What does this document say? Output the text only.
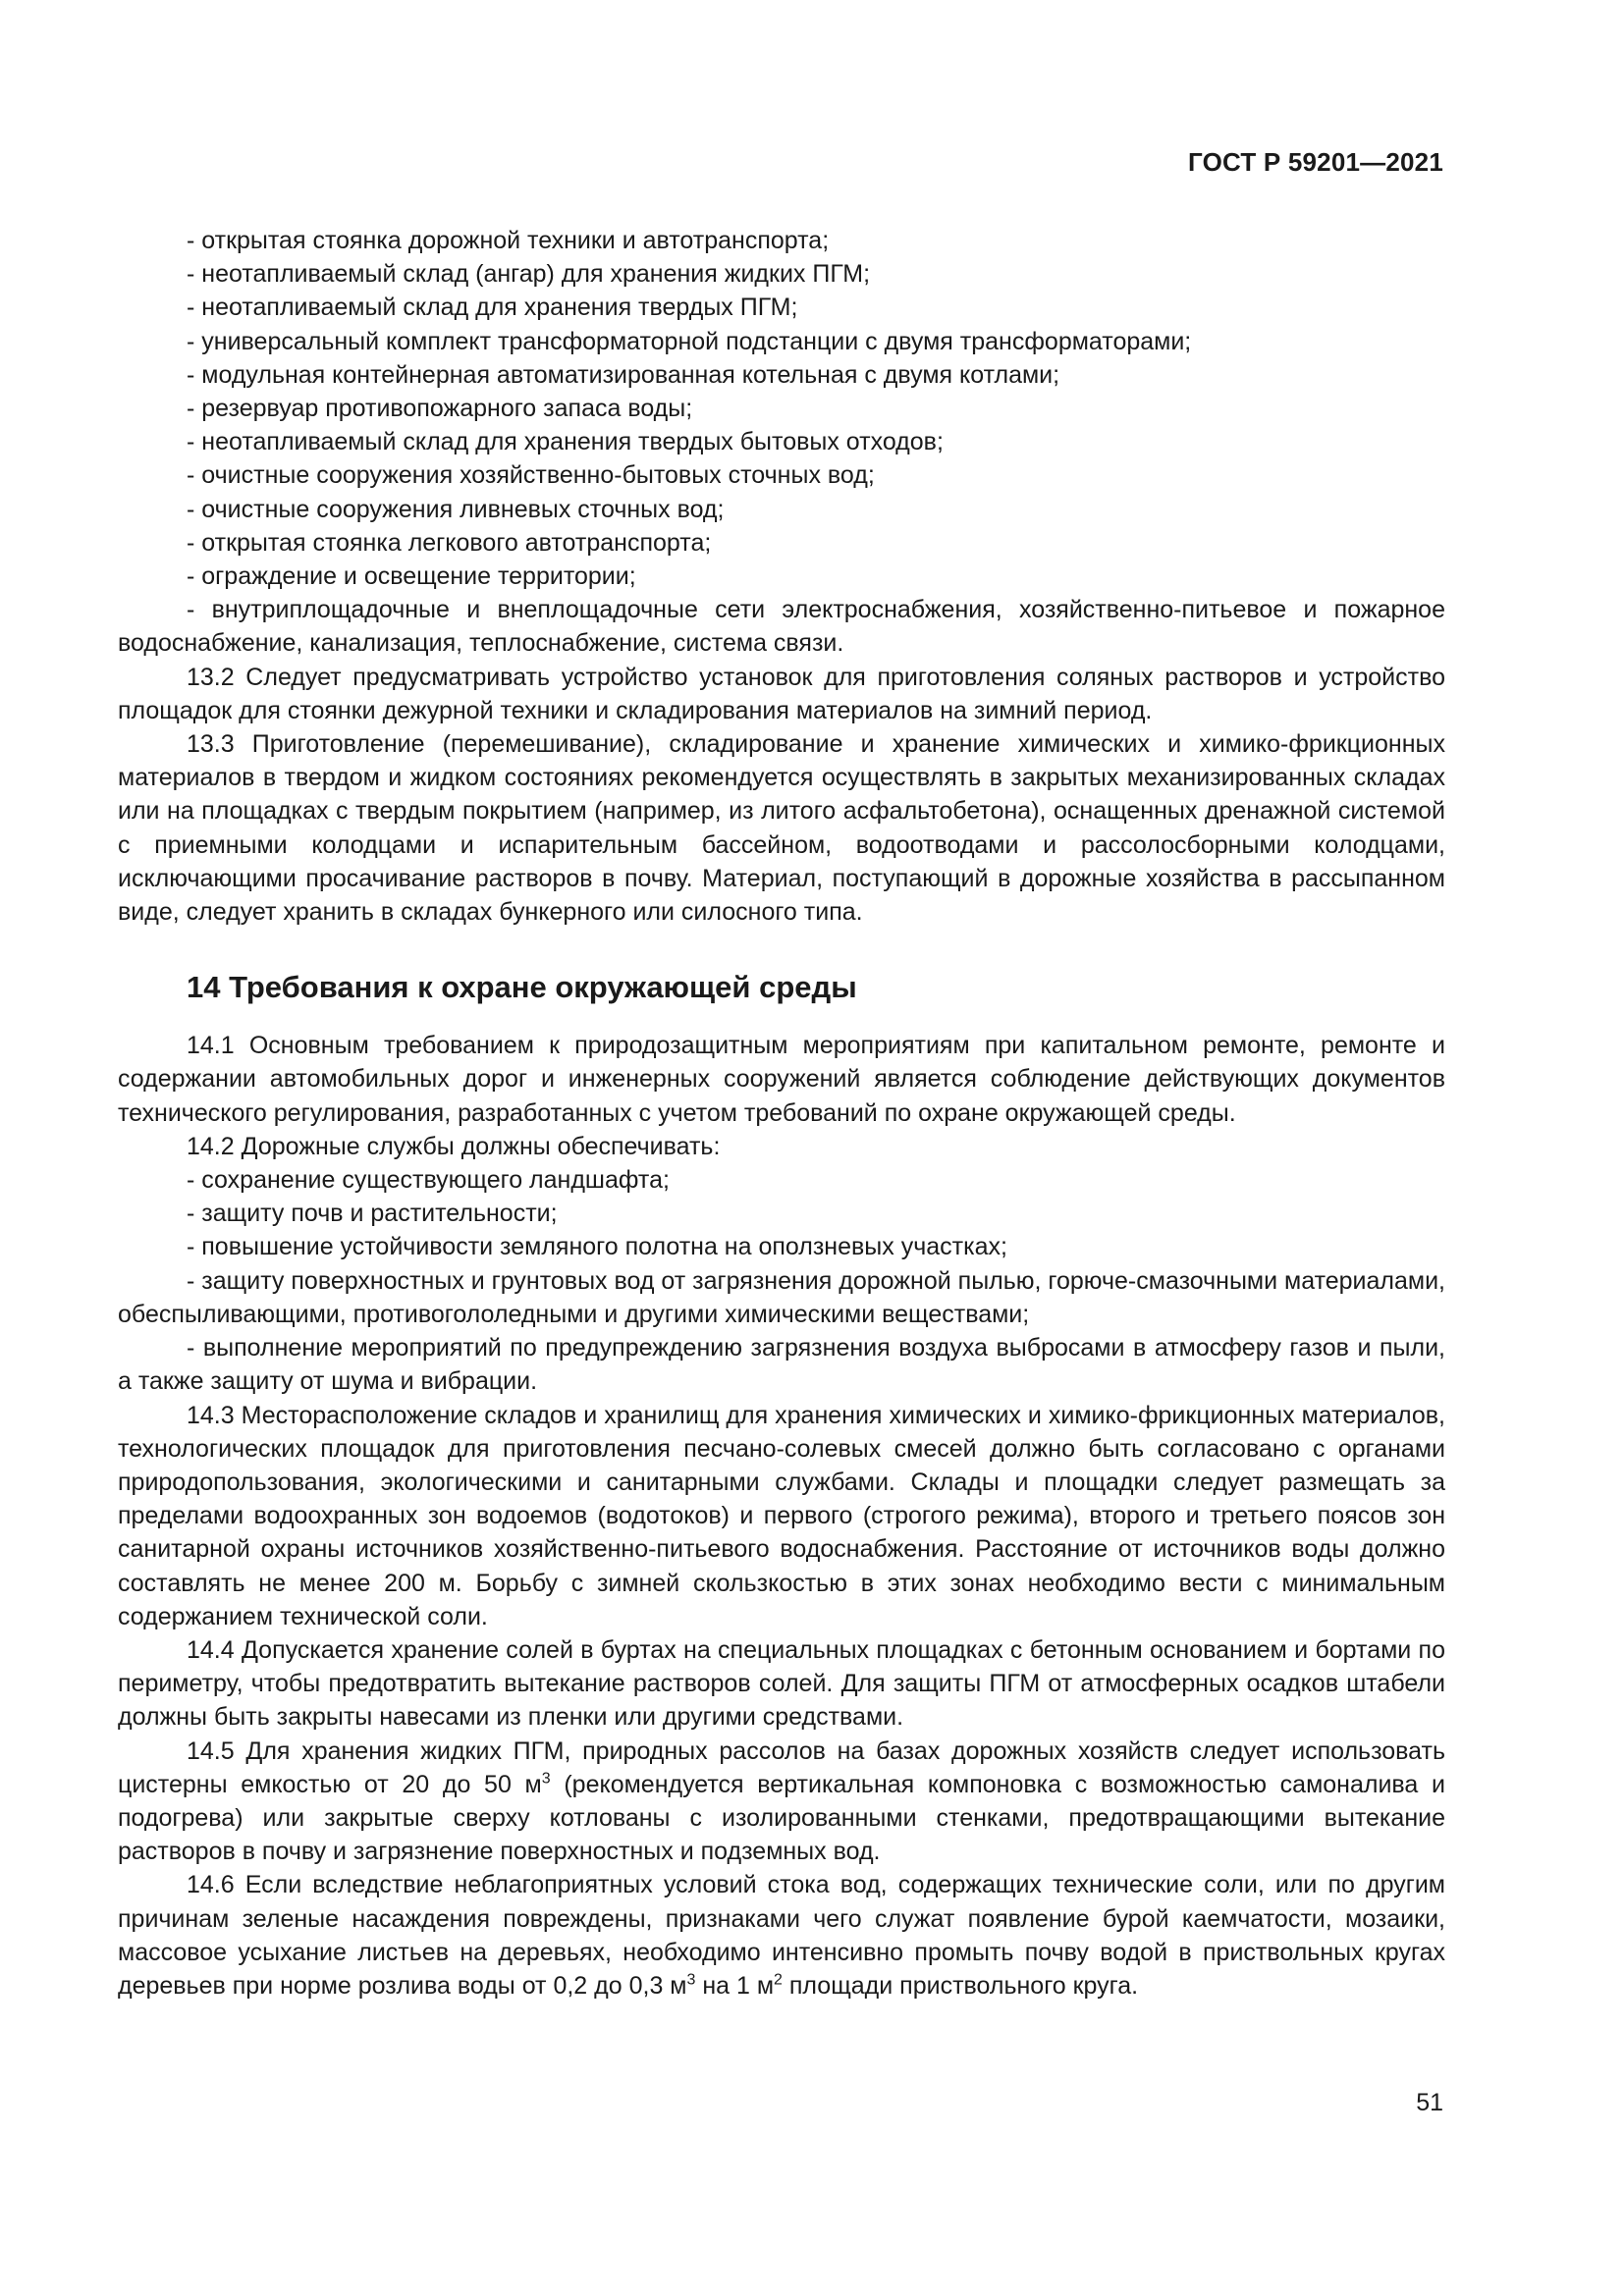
ГОСТ Р 59201—2021

- открытая стоянка дорожной техники и автотранспорта;

- неотапливаемый склад (ангар) для хранения жидких ПГМ;

- неотапливаемый склад для хранения твердых ПГМ;

- универсальный комплект трансформаторной подстанции с двумя трансформаторами;

- модульная контейнерная автоматизированная котельная с двумя котлами;

- резервуар противопожарного запаса воды;

- неотапливаемый склад для хранения твердых бытовых отходов;

- очистные сооружения хозяйственно-бытовых сточных вод;

- очистные сооружения ливневых сточных вод;

- открытая стоянка легкового автотранспорта;

- ограждение и освещение территории;

- внутриплощадочные и внеплощадочные сети электроснабжения, хозяйственно-питьевое и пожарное водоснабжение, канализация, теплоснабжение, система связи.

13.2 Следует предусматривать устройство установок для приготовления соляных растворов и устройство площадок для стоянки дежурной техники и складирования материалов на зимний период.

13.3 Приготовление (перемешивание), складирование и хранение химических и химико-фрикционных материалов в твердом и жидком состояниях рекомендуется осуществлять в закрытых механизированных складах или на площадках с твердым покрытием (например, из литого асфальтобетона), оснащенных дренажной системой с приемными колодцами и испарительным бассейном, водоотводами и рассолосборными колодцами, исключающими просачивание растворов в почву. Материал, поступающий в дорожные хозяйства в рассыпанном виде, следует хранить в складах бункерного или силосного типа.

14 Требования к охране окружающей среды

14.1 Основным требованием к природозащитным мероприятиям при капитальном ремонте, ремонте и содержании автомобильных дорог и инженерных сооружений является соблюдение действующих документов технического регулирования, разработанных с учетом требований по охране окружающей среды.

14.2 Дорожные службы должны обеспечивать:

- сохранение существующего ландшафта;

- защиту почв и растительности;

- повышение устойчивости земляного полотна на оползневых участках;

- защиту поверхностных и грунтовых вод от загрязнения дорожной пылью, горюче-смазочными материалами, обеспыливающими, противогололедными и другими химическими веществами;

- выполнение мероприятий по предупреждению загрязнения воздуха выбросами в атмосферу газов и пыли, а также защиту от шума и вибрации.

14.3 Месторасположение складов и хранилищ для хранения химических и химико-фрикционных материалов, технологических площадок для приготовления песчано-солевых смесей должно быть согласовано с органами природопользования, экологическими и санитарными службами. Склады и площадки следует размещать за пределами водоохранных зон водоемов (водотоков) и первого (строгого режима), второго и третьего поясов зон санитарной охраны источников хозяйственно-питьевого водоснабжения. Расстояние от источников воды должно составлять не менее 200 м. Борьбу с зимней скользкостью в этих зонах необходимо вести с минимальным содержанием технической соли.

14.4 Допускается хранение солей в буртах на специальных площадках с бетонным основанием и бортами по периметру, чтобы предотвратить вытекание растворов солей. Для защиты ПГМ от атмосферных осадков штабели должны быть закрыты навесами из пленки или другими средствами.

14.5 Для хранения жидких ПГМ, природных рассолов на базах дорожных хозяйств следует использовать цистерны емкостью от 20 до 50 $м^3$ (рекомендуется вертикальная компоновка с возможностью самоналива и подогрева) или закрытые сверху котлованы с изолированными стенками, предотвращающими вытекание растворов в почву и загрязнение поверхностных и подземных вод.

14.6 Если вследствие неблагоприятных условий стока вод, содержащих технические соли, или по другим причинам зеленые насаждения повреждены, признаками чего служат появление бурой каемчатости, мозаики, массовое усыхание листьев на деревьях, необходимо интенсивно промыть почву водой в приствольных кругах деревьев при норме розлива воды от 0,2 до 0,3 $м^3$ на 1 $м^2$ площади приствольного круга.

51
